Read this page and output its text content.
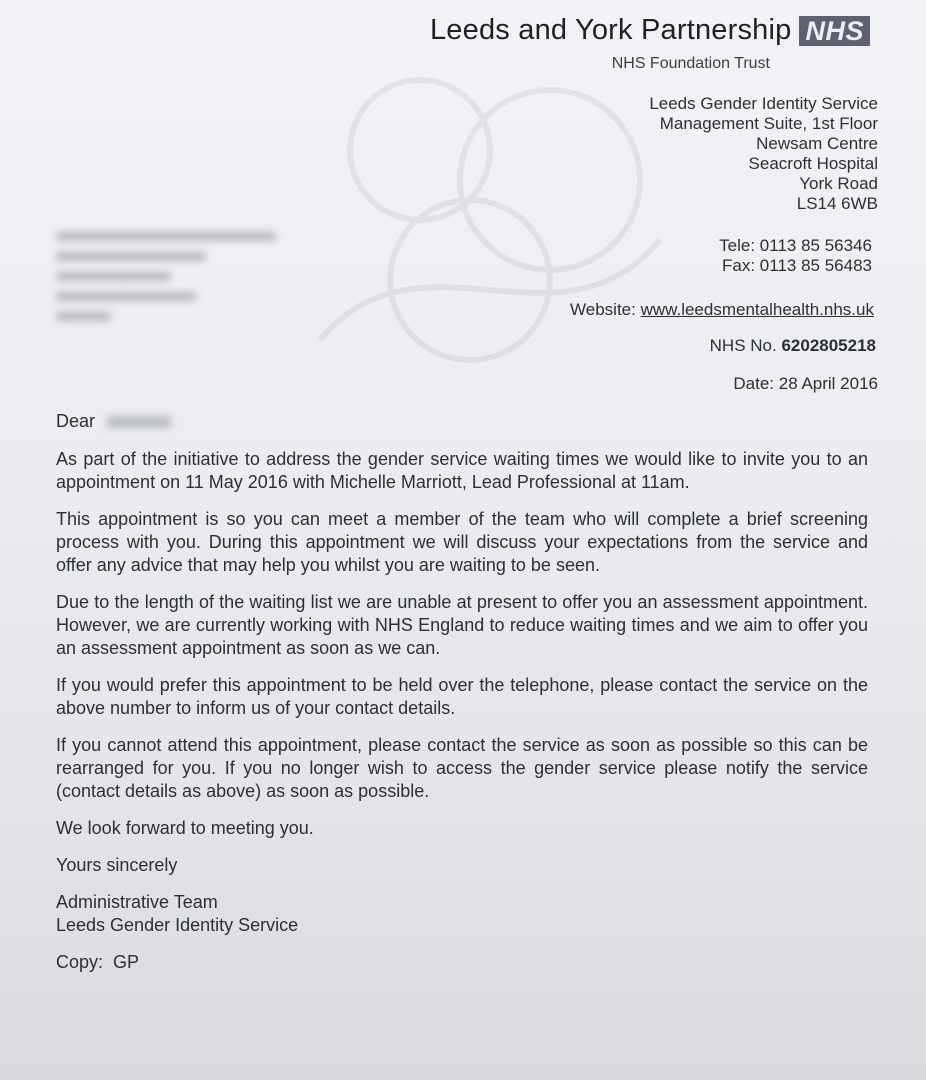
Leeds and York Partnership NHS
NHS Foundation Trust
Leeds Gender Identity Service
Management Suite, 1st Floor
Newsam Centre
Seacroft Hospital
York Road
LS14 6WB
Tele: 0113 85 56346
Fax: 0113 85 56483
Website: www.leedsmentalhealth.nhs.uk
NHS No. 6202805218
Date: 28 April 2016
Dear

As part of the initiative to address the gender service waiting times we would like to invite you to an appointment on 11 May 2016 with Michelle Marriott, Lead Professional at 11am.

This appointment is so you can meet a member of the team who will complete a brief screening process with you. During this appointment we will discuss your expectations from the service and offer any advice that may help you whilst you are waiting to be seen.

Due to the length of the waiting list we are unable at present to offer you an assessment appointment. However, we are currently working with NHS England to reduce waiting times and we aim to offer you an assessment appointment as soon as we can.

If you would prefer this appointment to be held over the telephone, please contact the service on the above number to inform us of your contact details.

If you cannot attend this appointment, please contact the service as soon as possible so this can be rearranged for you. If you no longer wish to access the gender service please notify the service (contact details as above) as soon as possible.

We look forward to meeting you.

Yours sincerely

Administrative Team
Leeds Gender Identity Service

Copy:  GP
